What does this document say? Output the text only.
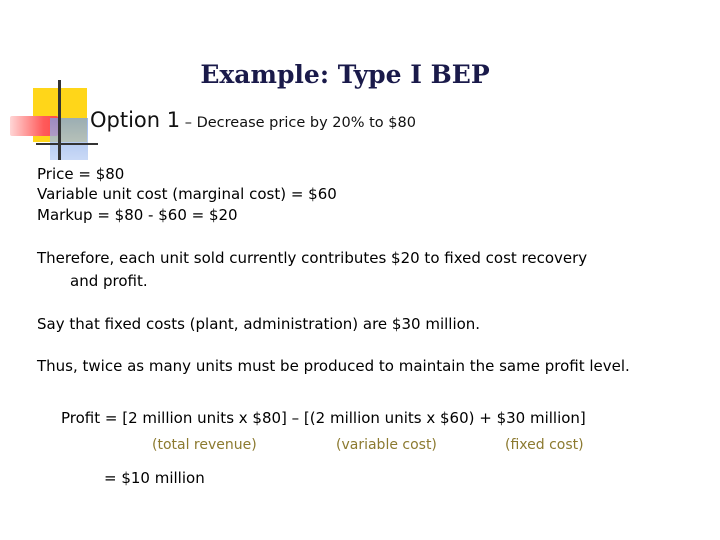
Example: Type I BEP
Option 1 – Decrease price by 20% to $80
Price = $80
Variable unit cost (marginal cost) = $60
Markup = $80 - $60 = $20
Therefore, each unit sold currently contributes $20 to fixed cost recovery
and profit.
Say that fixed costs (plant, administration) are $30 million.
Thus, twice as many units must be produced to maintain the same profit level.
Profit = [2 million units x $80] – [(2 million units x $60) + $30 million]
(total revenue)	(variable cost)	(fixed cost)
= $10 million
